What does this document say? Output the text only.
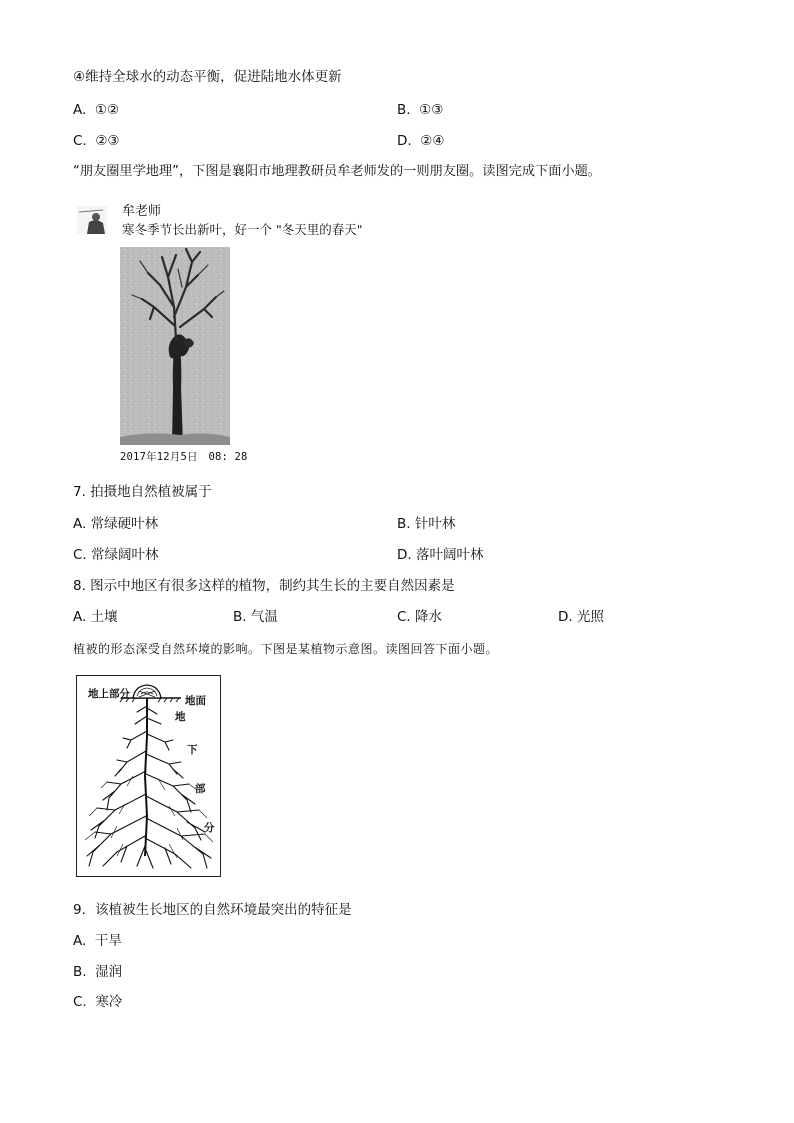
④维持全球水的动态平衡，促进陆地水体更新
A. ①②	B. ①③
C. ②③	D. ②④
“朋友圈里学地理”，下图是襄阳市地理教研员牟老师发的一则朋友圈。读图完成下面小题。
牟老师
寒冬季节长出新叶，好一个 "冬天里的春天"
2017年12月5日　08: 28
7. 拍摄地自然植被属于
A. 常绿硬叶林	B. 针叶林
C. 常绿阔叶林	D. 落叶阔叶林
8. 图示中地区有很多这样的植物，制约其生长的主要自然因素是
A. 土壤	B. 气温	C. 降水	D. 光照
植被的形态深受自然环境的影响。下图是某植物示意图。读图回答下面小题。
地上部分
地面
地
下
部
分
9．该植被生长地区的自然环境最突出的特征是
A. 干旱
B. 湿润
C. 寒冷
